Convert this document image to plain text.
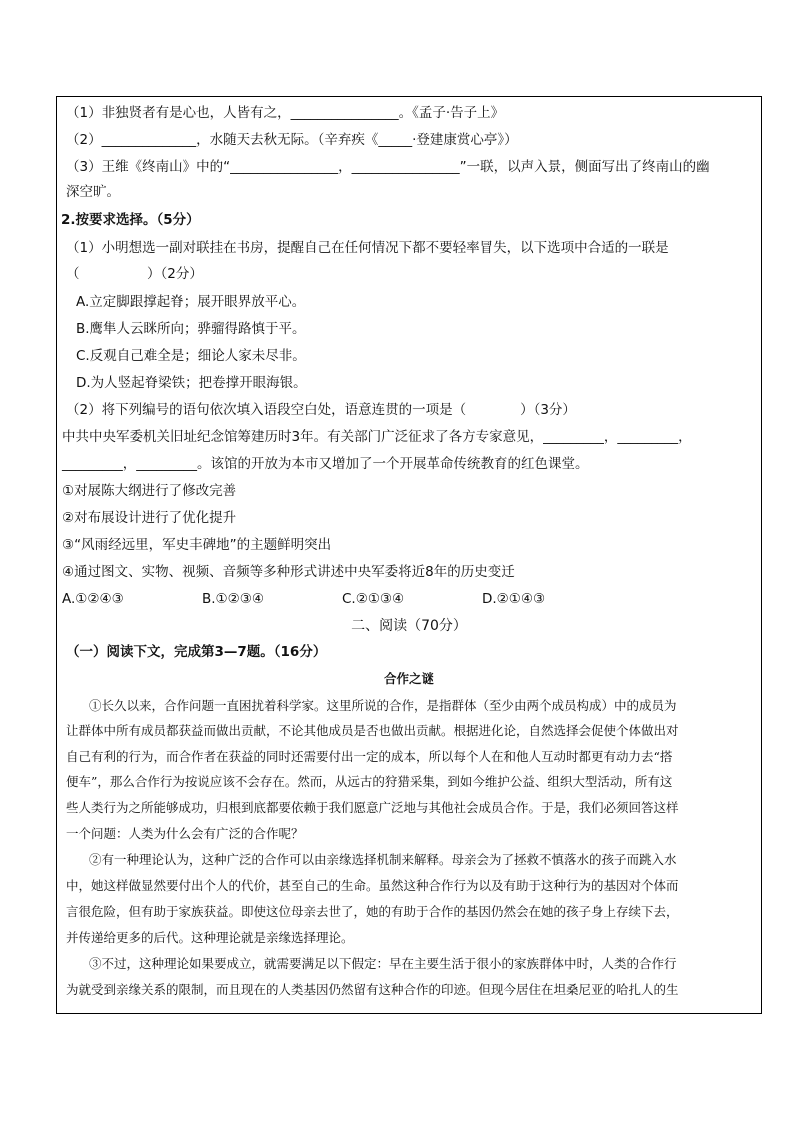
（1）非独贤者有是心也，人皆有之，________________。《孟子·告子上》
（2）______________，水随天去秋无际。（辛弃疾《_____·登建康赏心亭》）
（3）王维《终南山》中的“________________，________________”一联，以声入景，侧面写出了终南山的幽
深空旷。
2.按要求选择。（5分）
（1）小明想选一副对联挂在书房，提醒自己在任何情况下都不要轻率冒失，以下选项中合适的一联是
（　　　　　）（2分）
A.立定脚跟撑起脊；展开眼界放平心。
B.鹰隼人云眯所向；骅骝得路慎于平。
C.反观自己难全是；细论人家未尽非。
D.为人竖起脊梁铁；把卷撑开眼海银。
（2）将下列编号的语句依次填入语段空白处，语意连贯的一项是（　　　　）（3分）
中共中央军委机关旧址纪念馆筹建历时3年。有关部门广泛征求了各方专家意见，_________，_________，
_________，_________。该馆的开放为本市又增加了一个开展革命传统教育的红色课堂。
①对展陈大纲进行了修改完善
②对布展设计进行了优化提升
③“风雨经远里，军史丰碑地”的主题鲜明突出
④通过图文、实物、视频、音频等多种形式讲述中央军委将近8年的历史变迁
A.①②④③	B.①②③④	C.②①③④	D.②①④③
二、阅读（70分）
（一）阅读下文，完成第3—7题。（16分）
合作之谜
①长久以来，合作问题一直困扰着科学家。这里所说的合作，是指群体（至少由两个成员构成）中的成员为
让群体中所有成员都获益而做出贡献，不论其他成员是否也做出贡献。根据进化论，自然选择会促使个体做出对
自己有利的行为，而合作者在获益的同时还需要付出一定的成本，所以每个人在和他人互动时都更有动力去“搭
便车”，那么合作行为按说应该不会存在。然而，从远古的狩猎采集，到如今维护公益、组织大型活动，所有这
些人类行为之所能够成功，归根到底都要依赖于我们愿意广泛地与其他社会成员合作。于是，我们必须回答这样
一个问题：人类为什么会有广泛的合作呢？
②有一种理论认为，这种广泛的合作可以由亲缘选择机制来解释。母亲会为了拯救不慎落水的孩子而跳入水
中，她这样做显然要付出个人的代价，甚至自己的生命。虽然这种合作行为以及有助于这种行为的基因对个体而
言很危险，但有助于家族获益。即使这位母亲去世了，她的有助于合作的基因仍然会在她的孩子身上存续下去，
并传递给更多的后代。这种理论就是亲缘选择理论。
③不过，这种理论如果要成立，就需要满足以下假定：早在主要生活于很小的家族群体中时，人类的合作行
为就受到亲缘关系的限制，而且现在的人类基因仍然留有这种合作的印迹。但现今居住在坦桑尼亚的哈扎人的生
